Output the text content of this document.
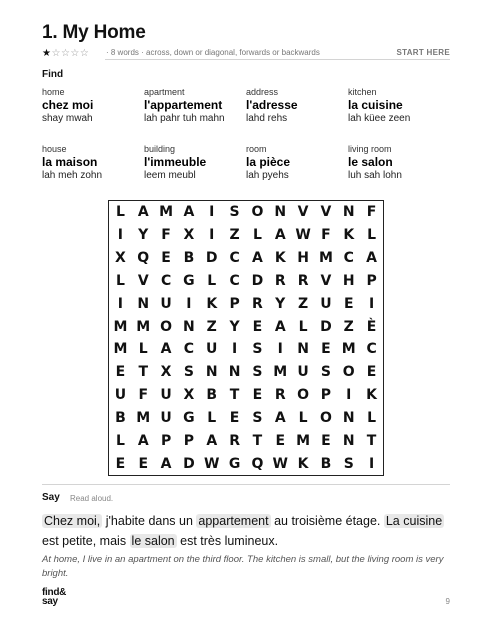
1. My Home
★☆☆☆☆ · 8 words · across, down or diagonal, forwards or backwards	START HERE
Find
home
chez moi
shay mwah
apartment
l'appartement
lah pahr tuh mahn
address
l'adresse
lahd rehs
kitchen
la cuisine
lah küee zeen
house
la maison
lah meh zohn
building
l'immeuble
leem meubl
room
la pièce
lah pyehs
living room
le salon
luh sah lohn
L A M A	I	S O N V V N F
I	Y F X	I	Z L A W F K L
X Q E B D C A K H M C A
L V C G L C D R R V H P
I	N U	I	K P R Y Z U E	I
M M O N Z Y E A L D Z È
M L A C U	I	S	I	N E M C
E T X S N N S M U S O E
U F U X B T E R O P	I	K
B M U G L E S A L O N L
L A P P A R T E M E N T
E E A D W G Q W K B S	I
Say Read aloud.
Chez moi, j'habite dans un appartement au troisième étage. La cuisine est petite, mais le salon est très lumineux.
At home, I live in an apartment on the third floor. The kitchen is small, but the living room is very bright.
find&
say	9
